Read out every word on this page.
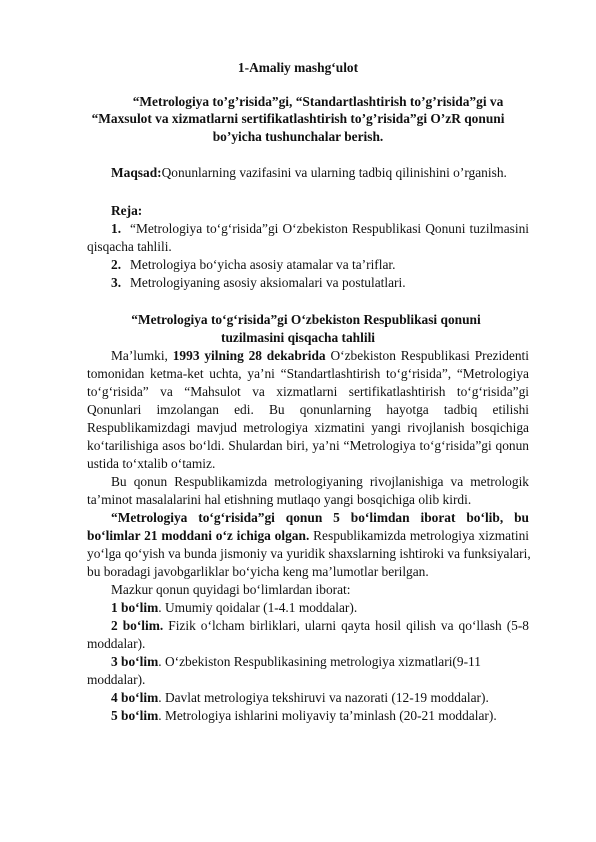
1-Amaliy mashg‘ulot
“Metrologiya to’g’risida”gi, “Standartlashtirish to’g’risida”gi va
“Maxsulot va xizmatlarni sertifikatlashtirish to’g’risida”gi O’zR qonuni
bo’yicha tushunchalar berish.
Maqsad:Qonunlarning vazifasini va ularning tadbiq qilinishini o’rganish.
Reja:
1. “Metrologiya to‘g‘risida”gi O‘zbekiston Respublikasi Qonuni tuzilmasini
qisqacha tahlili.
2. Metrologiya bo‘yicha asosiy atamalar va ta’riflar.
3. Metrologiyaning asosiy aksiomalari va postulatlari.
“Metrologiya to‘g‘risida”gi O‘zbekiston Respublikasi qonuni
tuzilmasini qisqacha tahlili
Ma’lumki, 1993 yilning 28 dekabrida O‘zbekiston Respublikasi Prezidenti
tomonidan ketma-ket uchta, ya’ni “Standartlashtirish to‘g‘risida”, “Metrologiya
to‘g‘risida” va “Mahsulot va xizmatlarni sertifikatlashtirish to‘g‘risida”gi
Qonunlari imzolangan edi. Bu qonunlarning hayotga tadbiq etilishi
Respublikamizdagi mavjud metrologiya xizmatini yangi rivojlanish bosqichiga
ko‘tarilishiga asos bo‘ldi. Shulardan biri, ya’ni “Metrologiya to‘g‘risida”gi qonun
ustida to‘xtalib o‘tamiz.
Bu qonun Respublikamizda metrologiyaning rivojlanishiga va metrologik
ta’minot masalalarini hal etishning mutlaqo yangi bosqichiga olib kirdi.
“Metrologiya to‘g‘risida”gi qonun 5 bo‘limdan iborat bo‘lib, bu
bo‘limlar 21 moddani o‘z ichiga olgan. Respublikamizda metrologiya xizmatini
yo‘lga qo‘yish va bunda jismoniy va yuridik shaxslarning ishtiroki va funksiyalari,
bu boradagi javobgarliklar bo‘yicha keng ma’lumotlar berilgan.
Mazkur qonun quyidagi bo‘limlardan iborat:
1 bo‘lim. Umumiy qoidalar (1-4.1 moddalar).
2 bo‘lim. Fizik o‘lcham birliklari, ularni qayta hosil qilish va qo‘llash (5-8
moddalar).
3 bo‘lim. O‘zbekiston Respublikasining metrologiya xizmatlari(9-11
moddalar).
4 bo‘lim. Davlat metrologiya tekshiruvi va nazorati (12-19 moddalar).
5 bo‘lim. Metrologiya ishlarini moliyaviy ta’minlash (20-21 moddalar).
